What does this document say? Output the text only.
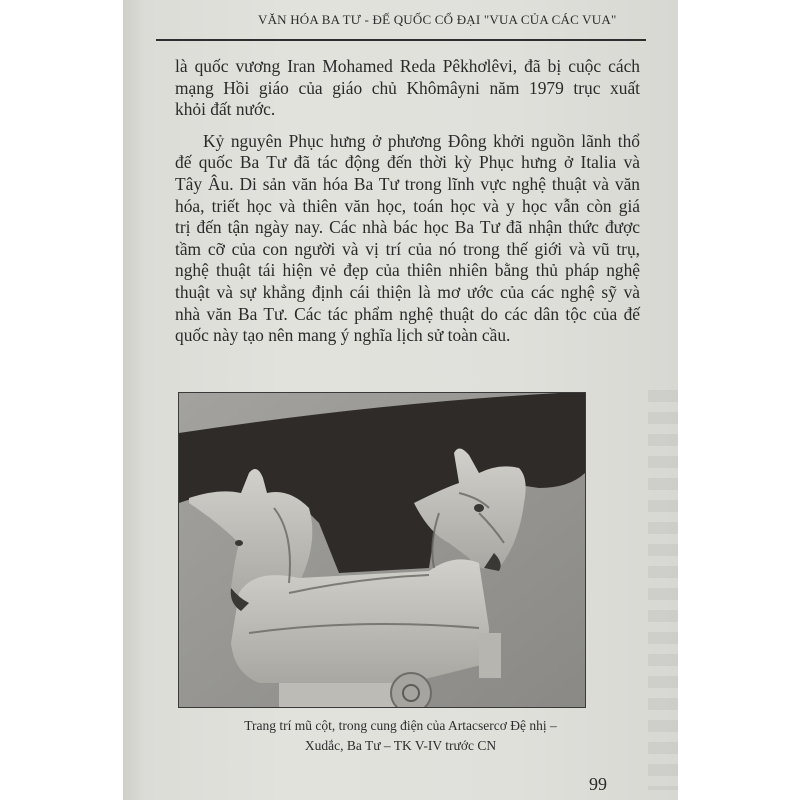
VĂN HÓA BA TƯ - ĐẾ QUỐC CỔ ĐẠI "VUA CỦA CÁC VUA"

là quốc vương Iran Mohamed Reda Pêkhơlêvi, đã bị cuộc cách
mạng Hồi giáo của giáo chủ Khômâyni năm 1979 trục xuất
khỏi đất nước.

Kỷ nguyên Phục hưng ở phương Đông khởi nguồn lãnh thổ
đế quốc Ba Tư đã tác động đến thời kỳ Phục hưng ở Italia và
Tây Âu. Di sản văn hóa Ba Tư trong lĩnh vực nghệ thuật và văn
hóa, triết học và thiên văn học, toán học và y học vẫn còn giá
trị đến tận ngày nay. Các nhà bác học Ba Tư đã nhận thức được
tầm cỡ của con người và vị trí của nó trong thế giới và vũ trụ,
nghệ thuật tái hiện vẻ đẹp của thiên nhiên bằng thủ pháp nghệ
thuật và sự khẳng định cái thiện là mơ ước của các nghệ sỹ và
nhà văn Ba Tư. Các tác phẩm nghệ thuật do các dân tộc của đế
quốc này tạo nên mang ý nghĩa lịch sử toàn cầu.

Trang trí mũ cột, trong cung điện của Artacsercơ Đệ nhị –
Xudắc, Ba Tư – TK V-IV trước CN
99
